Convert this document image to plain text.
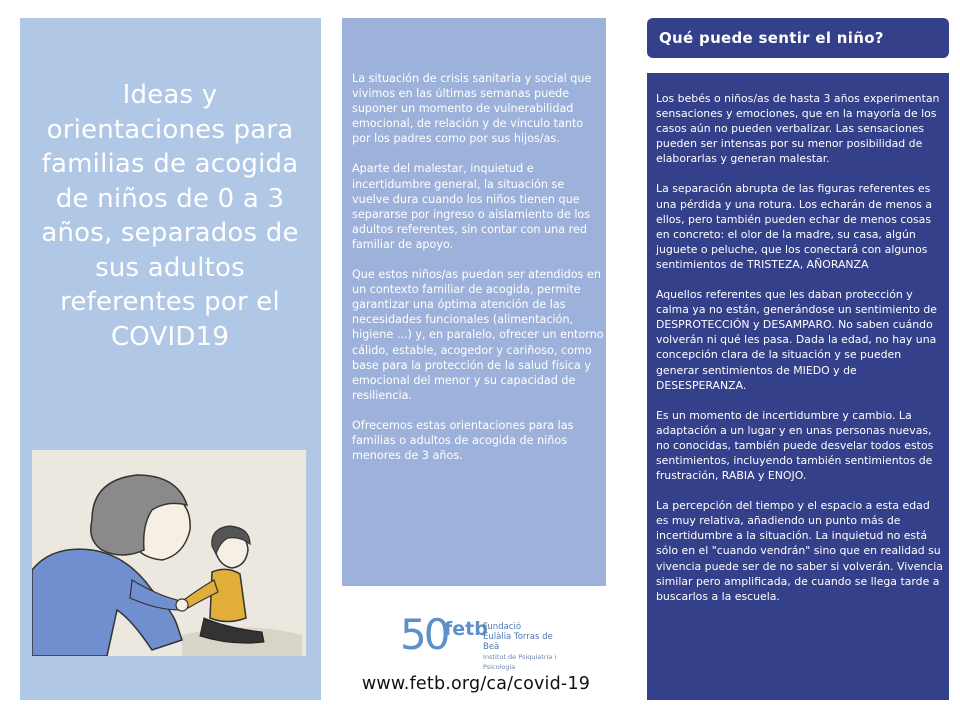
Ideas y orientaciones para familias de acogida de niños de 0 a 3 años, separados de sus adultos referentes por el COVID19

La situación de crisis sanitaria y social que vivimos en las últimas semanas puede suponer un momento de vulnerabilidad emocional, de relación y de vínculo tanto por los padres como por sus hijos/as.

Aparte del malestar, inquietud e incertidumbre general, la situación se vuelve dura cuando los niños tienen que separarse por ingreso o aislamiento de los adultos referentes, sin contar con una red familiar de apoyo.

Que estos niños/as puedan ser atendidos en un contexto familiar de acogida, permite garantizar una óptima atención de las necesidades funcionales (alimentación, higiene ...) y, en paralelo, ofrecer un entorno cálido, estable, acogedor y cariñoso, como base para la protección de la salud física y emocional del menor y su capacidad de resiliencia.

Ofrecemos estas orientaciones para las familias o adultos de acogida de niños menores de 3 años.

50
fetb
Fundació
Eulàlia Torras de Beà
Institut de Psiquiatria i Psicologia
www.fetb.org/ca/covid-19
Qué puede sentir el niño?

Los bebés o niños/as de hasta 3 años experimentan sensaciones y emociones, que en la mayoría de los casos aún no pueden verbalizar. Las sensaciones pueden ser intensas por su menor posibilidad de elaborarlas y generan malestar.

La separación abrupta de las figuras referentes es una pérdida y una rotura. Los echarán de menos a ellos, pero también pueden echar de menos cosas en concreto: el olor de la madre, su casa, algún juguete o peluche, que los conectará con algunos sentimientos de TRISTEZA, AÑORANZA

Aquellos referentes que les daban protección y calma ya no están, generándose un sentimiento de DESPROTECCIÓN y DESAMPARO. No saben cuándo volverán ni qué les pasa. Dada la edad, no hay una concepción clara de la situación y se pueden generar sentimientos de MIEDO y de DESESPERANZA.

Es un momento de incertidumbre y cambio. La adaptación a un lugar y en unas personas nuevas, no conocidas, también puede desvelar todos estos sentimientos, incluyendo también sentimientos de frustración, RABIA y ENOJO.

La percepción del tiempo y el espacio a esta edad es muy relativa, añadiendo un punto más de incertidumbre a la situación. La inquietud no está sólo en el "cuando vendrán" sino que en realidad su vivencia puede ser de no saber si volverán. Vivencia similar pero amplificada, de cuando se llega tarde a buscarlos a la escuela.
